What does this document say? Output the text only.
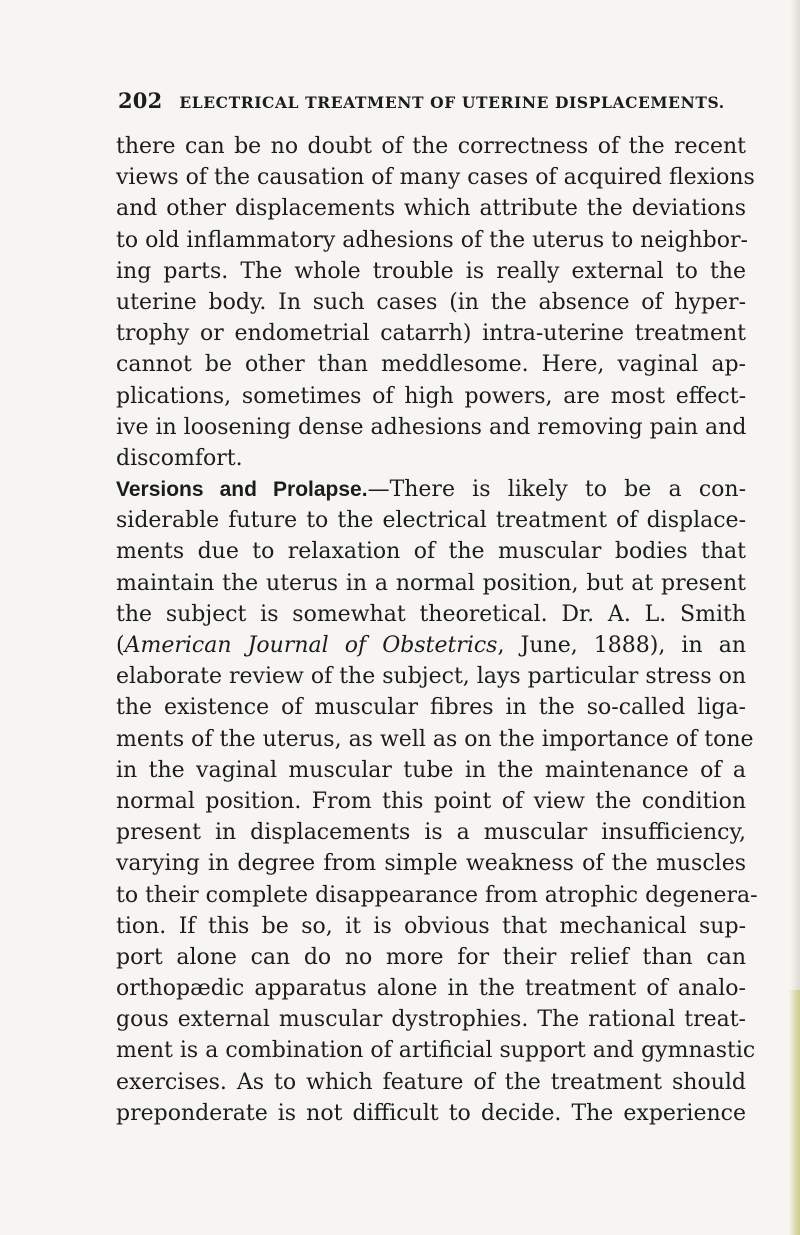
202 ELECTRICAL TREATMENT OF UTERINE DISPLACEMENTS.
there can be no doubt of the correctness of the recent
views of the causation of many cases of acquired flexions
and other displacements which attribute the deviations
to old inflammatory adhesions of the uterus to neighbor-
ing parts. The whole trouble is really external to the
uterine body. In such cases (in the absence of hyper-
trophy or endometrial catarrh) intra-uterine treatment
cannot be other than meddlesome. Here, vaginal ap-
plications, sometimes of high powers, are most effect-
ive in loosening dense adhesions and removing pain and
discomfort.
Versions and Prolapse.—There is likely to be a con-
siderable future to the electrical treatment of displace-
ments due to relaxation of the muscular bodies that
maintain the uterus in a normal position, but at present
the subject is somewhat theoretical. Dr. A. L. Smith
(American Journal of Obstetrics, June, 1888), in an
elaborate review of the subject, lays particular stress on
the existence of muscular fibres in the so-called liga-
ments of the uterus, as well as on the importance of tone
in the vaginal muscular tube in the maintenance of a
normal position. From this point of view the condition
present in displacements is a muscular insufficiency,
varying in degree from simple weakness of the muscles
to their complete disappearance from atrophic degenera-
tion. If this be so, it is obvious that mechanical sup-
port alone can do no more for their relief than can
orthopædic apparatus alone in the treatment of analo-
gous external muscular dystrophies. The rational treat-
ment is a combination of artificial support and gymnastic
exercises. As to which feature of the treatment should
preponderate is not difficult to decide. The experience
